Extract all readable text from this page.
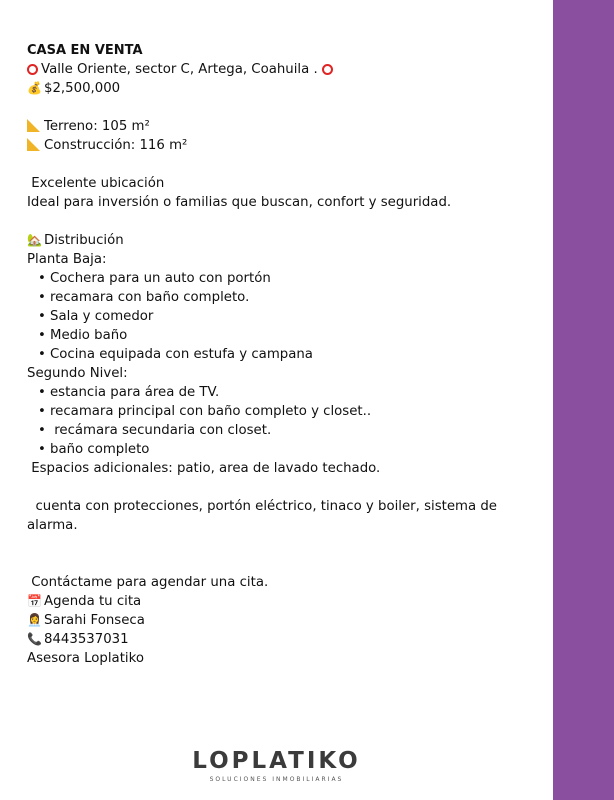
CASA EN VENTA
Valle Oriente, sector C, Artega, Coahuila .
💰 $2,500,000
Terreno: 105 m²
Construcción: 116 m²
Excelente ubicación
Ideal para inversión o familias que buscan, confort y seguridad.
🏡 Distribución
Planta Baja:
• Cochera para un auto con portón
• recamara con baño completo.
• Sala y comedor
• Medio baño
• Cocina equipada con estufa y campana
Segundo Nivel:
• estancia para área de TV.
• recamara principal con baño completo y closet..
•  recámara secundaria con closet.
• baño completo
Espacios adicionales: patio, area de lavado techado.
cuenta con protecciones, portón eléctrico, tinaco y boiler, sistema de alarma.
Contáctame para agendar una cita.
📅 Agenda tu cita
👩‍💼 Sarahi Fonseca
📞 8443537031
Asesora Loplatiko
LOPLATIKO
SOLUCIONES INMOBILIARIAS
